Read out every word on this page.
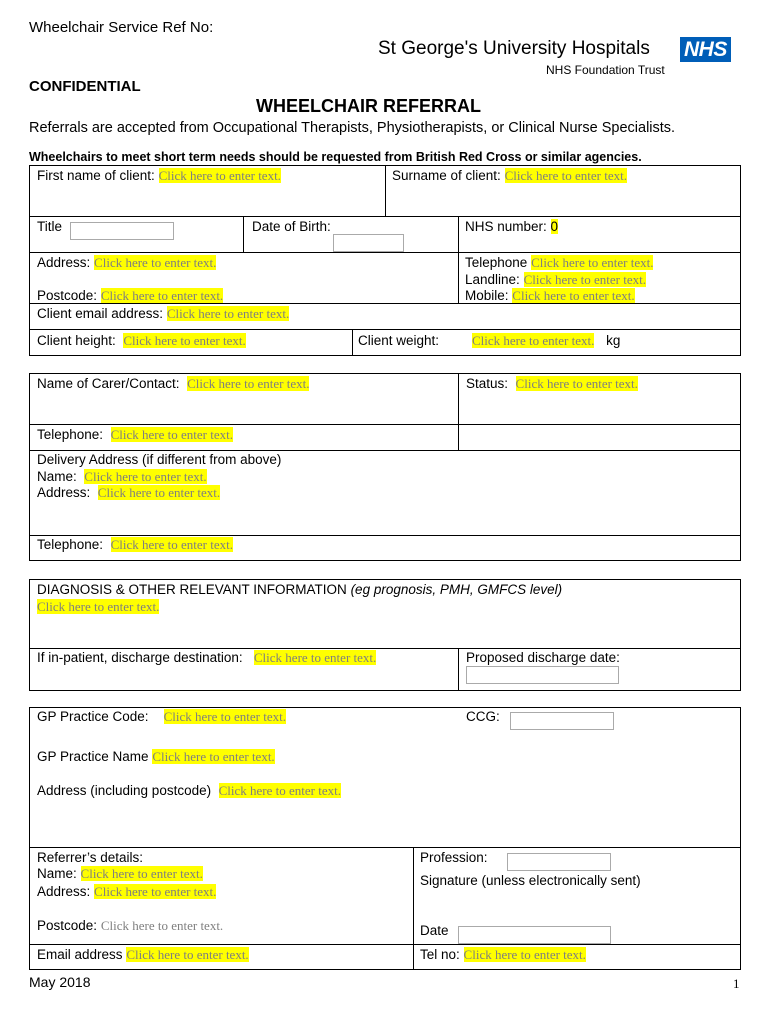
Wheelchair Service Ref No:
St George's University Hospitals NHS
NHS Foundation Trust
CONFIDENTIAL
WHEELCHAIR REFERRAL
Referrals are accepted from Occupational Therapists, Physiotherapists, or Clinical Nurse Specialists.
Wheelchairs to meet short term needs should be requested from British Red Cross or similar agencies.
First name of client: Click here to enter text.	Surname of client: Click here to enter text.
Title	Date of Birth:	NHS number: 0
Address: Click here to enter text.
Postcode: Click here to enter text.
Telephone Click here to enter text.
Landline: Click here to enter text.
Mobile: Click here to enter text.
Client email address: Click here to enter text.
Client height: Click here to enter text.	Client weight:	Click here to enter text. kg
Name of Carer/Contact: Click here to enter text.	Status: Click here to enter text.
Telephone: Click here to enter text.
Delivery Address (if different from above)
Name: Click here to enter text.
Address: Click here to enter text.
Telephone: Click here to enter text.
DIAGNOSIS & OTHER RELEVANT INFORMATION (eg prognosis, PMH, GMFCS level)
Click here to enter text.
If in-patient, discharge destination: Click here to enter text.	Proposed discharge date:
GP Practice Code: Click here to enter text.	CCG:
GP Practice Name Click here to enter text.
Address (including postcode) Click here to enter text.
Referrer’s details:
Name: Click here to enter text.
Address: Click here to enter text.
Postcode: Click here to enter text.
Profession:
Signature (unless electronically sent)
Date
Email address Click here to enter text.	Tel no: Click here to enter text.
May 2018	1
